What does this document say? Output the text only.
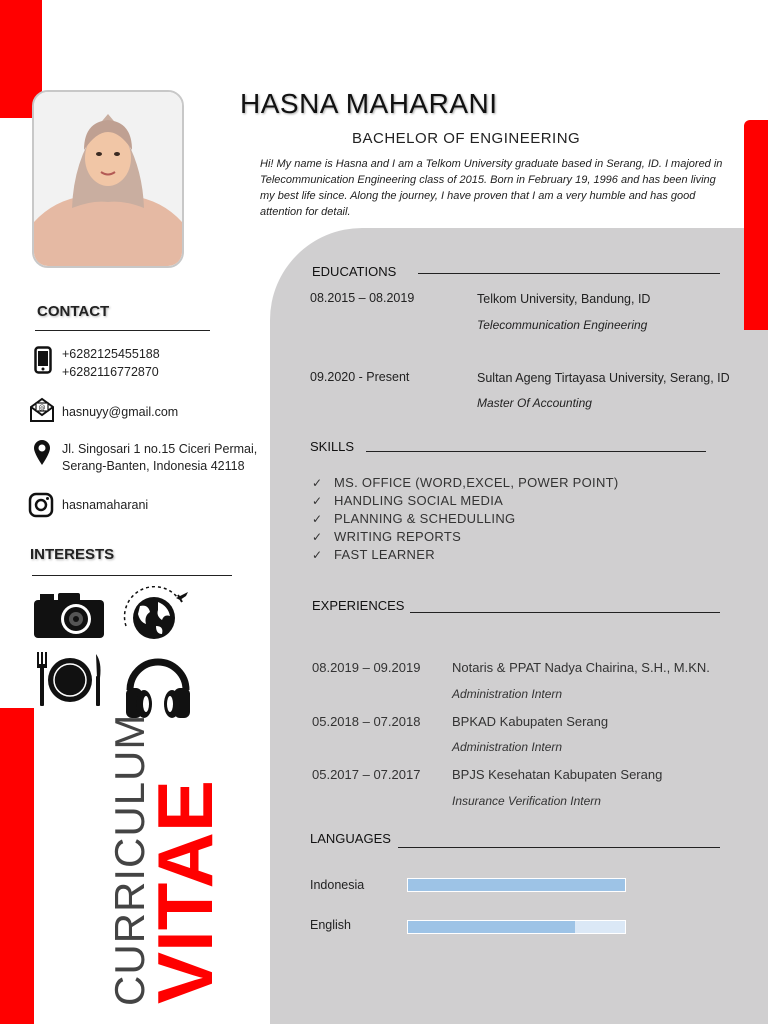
HASNA MAHARANI
BACHELOR OF ENGINEERING
Hi! My name is Hasna and I am a Telkom University graduate based in Serang, ID. I majored in Telecommunication Engineering class of 2015. Born in February 19, 1996 and has been living my best life since. Along the journey, I have proven that I am a very humble and has good attention for detail.
CONTACT
+6282125455188
+6282116772870
@ hasnuyy@gmail.com
Jl. Singosari 1 no.15 Ciceri Permai,
Serang-Banten, Indonesia 42118
hasnamaharani
INTERESTS
CURRICULUM
VITAE
EDUCATIONS
08.2015 – 08.2019	Telkom University, Bandung, ID
Telecommunication Engineering
09.2020 - Present	Sultan Ageng Tirtayasa University, Serang, ID
Master Of Accounting
SKILLS
✓ MS. OFFICE (WORD,EXCEL, POWER POINT)
✓ HANDLING SOCIAL MEDIA
✓ PLANNING & SCHEDULLING
✓ WRITING REPORTS
✓ FAST LEARNER
EXPERIENCES
08.2019 – 09.2019 Notaris & PPAT Nadya Chairina, S.H., M.KN.
Administration Intern
05.2018 – 07.2018 BPKAD Kabupaten Serang
Administration Intern
05.2017 – 07.2017 BPJS Kesehatan Kabupaten Serang
Insurance Verification Intern
LANGUAGES
Indonesia
English
